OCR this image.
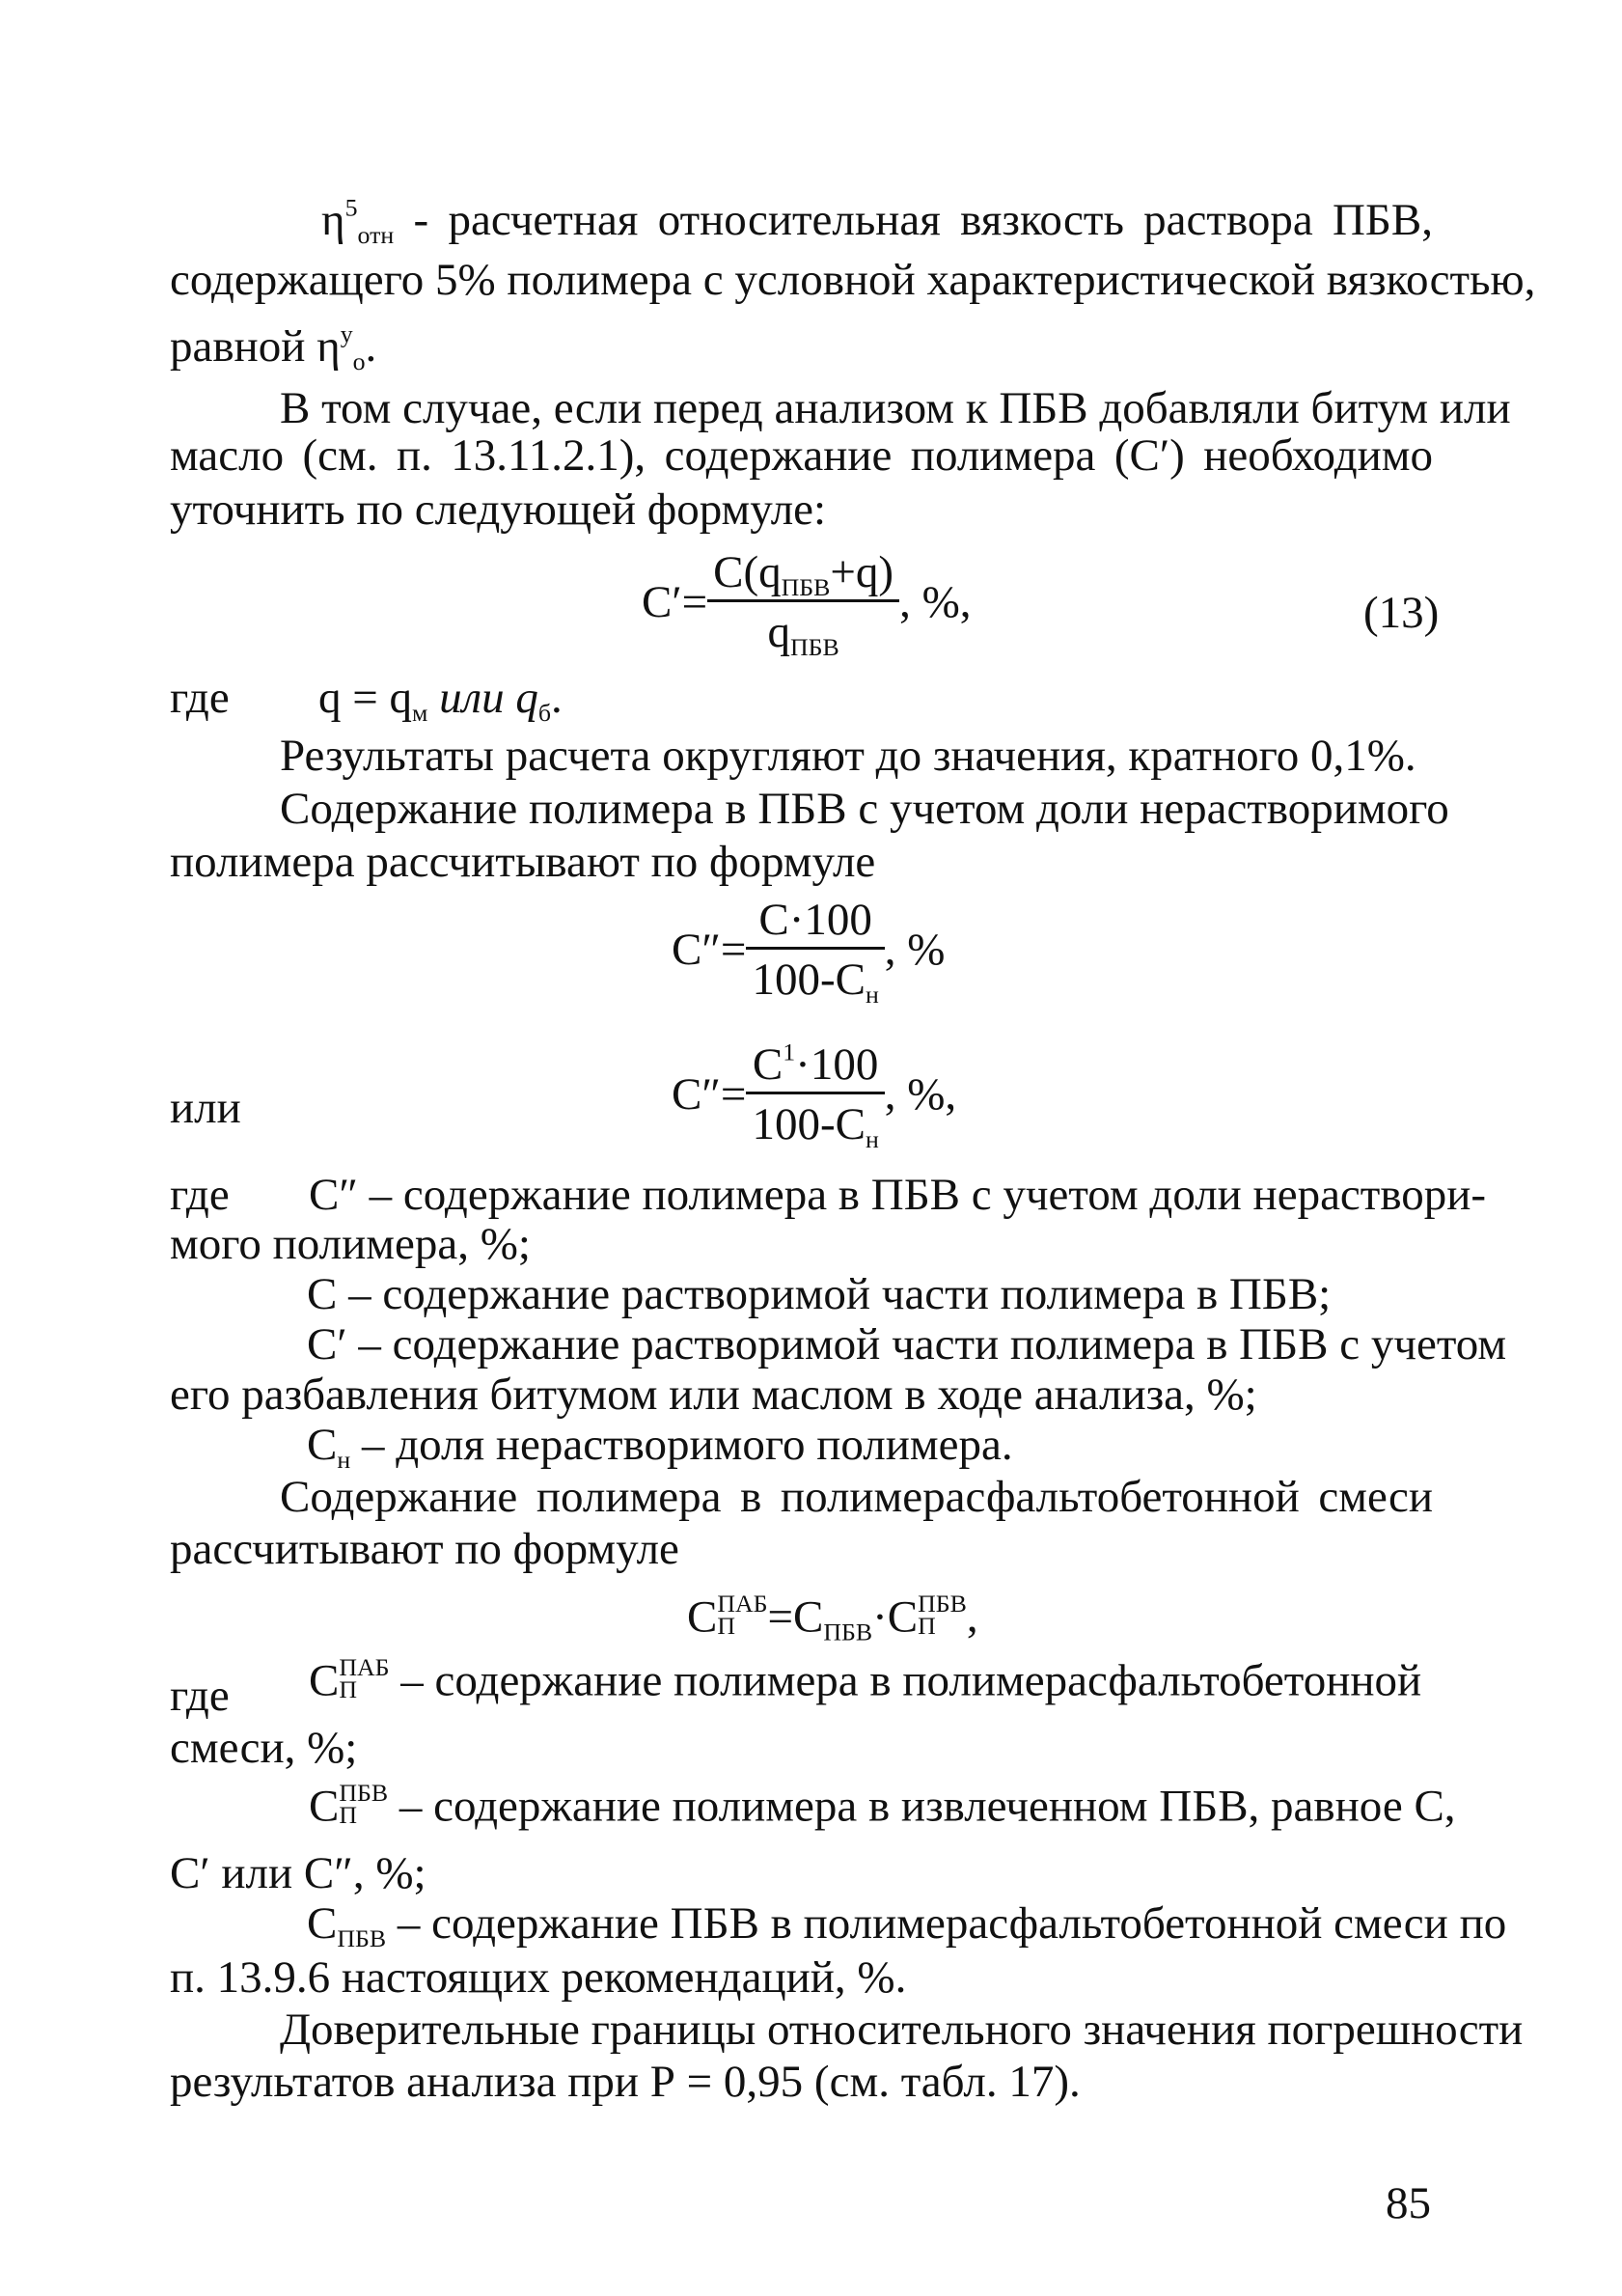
$\eta^5_{отн}$ - расчетная относительная вязкость раствора ПБВ,
содержащего 5% полимера с условной характеристической вязкостью,
равной $\eta^у_о$.
В том случае, если перед анализом к ПБВ добавляли битум или
масло (см. п. 13.11.2.1), содержание полимера (С′) необходимо
уточнить по следующей формуле:
$С'= \frac{С(q_{ПБВ}+q)}{q_{ПБВ}}$ , %,	(13)
где $q = q_м$ или $q_б$.
Результаты расчета округляют до значения, кратного 0,1%.
Содержание полимера в ПБВ с учетом доли нерастворимого
полимера рассчитывают по формуле
$С''= \frac{С\cdot 100}{100-С_н}$ , %
или	$С''= \frac{С^1\cdot 100}{100-С_н}$ , %,
где С″ – содержание полимера в ПБВ с учетом доли нераствори-
мого полимера, %;
С – содержание растворимой части полимера в ПБВ;
С′ – содержание растворимой части полимера в ПБВ с учетом
его разбавления битумом или маслом в ходе анализа, %;
$С_н$ – доля нерастворимого полимера.
Содержание полимера в полимерасфальтобетонной смеси
рассчитывают по формуле
С ПАБ
$П =С_{ПБВ}\cdot С$ ПБВ
П ,
где С ПАБ
П – содержание полимера в полимерасфальтобетонной
смеси, %;
С ПБВ
П – содержание полимера в извлеченном ПБВ, равное С,
С′ или С″, %;
$С_{ПБВ}$ – содержание ПБВ в полимерасфальтобетонной смеси по
п. 13.9.6 настоящих рекомендаций, %.
Доверительные границы относительного значения погрешности
результатов анализа при Р = 0,95 (см. табл. 17).
85
